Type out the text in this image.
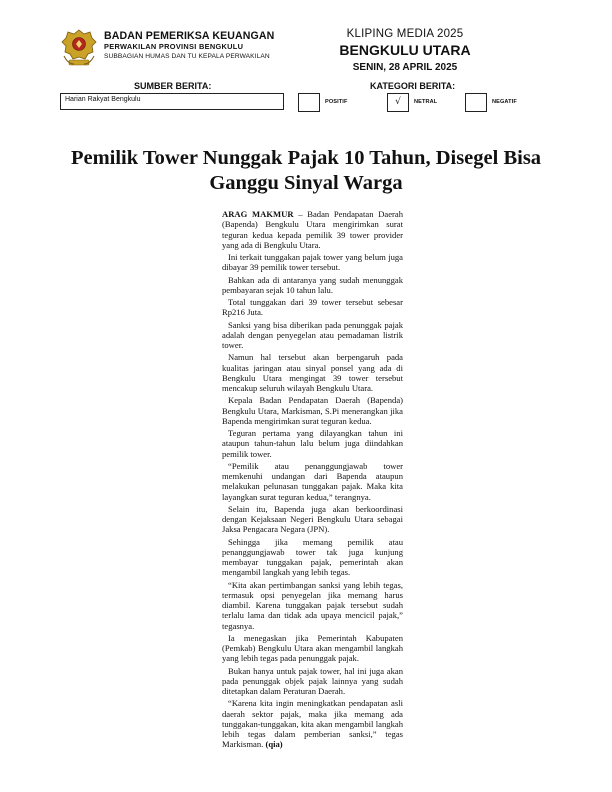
BADAN PEMERIKSA KEUANGAN
PERWAKILAN PROVINSI BENGKULU
SUBBAGIAN HUMAS DAN TU KEPALA PERWAKILAN
KLIPING MEDIA 2025
BENGKULU UTARA
SENIN, 28 APRIL 2025
SUMBER BERITA:
Harian Rakyat Bengkulu
KATEGORI BERITA:
POSITIF	√	NETRAL	NEGATIF
Pemilik Tower Nunggak Pajak 10 Tahun, Disegel Bisa Ganggu Sinyal Warga

ARAG MAKMUR – Badan Pendapatan Daerah (Bapenda) Bengkulu Utara mengirimkan surat teguran kedua kepada pemilik 39 tower provider yang ada di Bengkulu Utara.

Ini terkait tunggakan pajak tower yang belum juga dibayar 39 pemilik tower tersebut.

Bahkan ada di antaranya yang sudah menunggak pembayaran sejak 10 tahun lalu.

Total tunggakan dari 39 tower tersebut sebesar Rp216 Juta.

Sanksi yang bisa diberikan pada penunggak pajak adalah dengan penyegelan atau pemadaman listrik tower.

Namun hal tersebut akan berpengaruh pada kualitas jaringan atau sinyal ponsel yang ada di Bengkulu Utara mengingat 39 tower tersebut mencakup seluruh wilayah Bengkulu Utara.

Kepala Badan Pendapatan Daerah (Bapenda) Bengkulu Utara, Markisman, S.Pi menerangkan jika Bapenda mengirimkan surat teguran kedua.

Teguran pertama yang dilayangkan tahun ini ataupun tahun-tahun lalu belum juga diindahkan pemilik tower.

“Pemilik atau penanggungjawab tower memkenuhi undangan dari Bapenda ataupun melakukan pelunasan tunggakan pajak. Maka kita layangkan surat teguran kedua,” terangnya.

Selain itu, Bapenda juga akan berkoordinasi dengan Kejaksaan Negeri Bengkulu Utara sebagai Jaksa Pengacara Negara (JPN).

Sehingga jika memang pemilik atau penanggungjawab tower tak juga kunjung membayar tunggakan pajak, pemerintah akan mengambil langkah yang lebih tegas.

“Kita akan pertimbangan sanksi yang lebih tegas, termasuk opsi penyegelan jika memang harus diambil. Karena tunggakan pajak tersebut sudah terlalu lama dan tidak ada upaya mencicil pajak,” tegasnya.

Ia menegaskan jika Pemerintah Kabupaten (Pemkab) Bengkulu Utara akan mengambil langkah yang lebih tegas pada penunggak pajak.

Bukan hanya untuk pajak tower, hal ini juga akan pada penunggak objek pajak lainnya yang sudah ditetapkan dalam Peraturan Daerah.

“Karena kita ingin meningkatkan pendapatan asli daerah sektor pajak, maka jika memang ada tunggakan-tunggakan, kita akan mengambil langkah lebih tegas dalam pemberian sanksi,” tegas Markisman. (qia)
